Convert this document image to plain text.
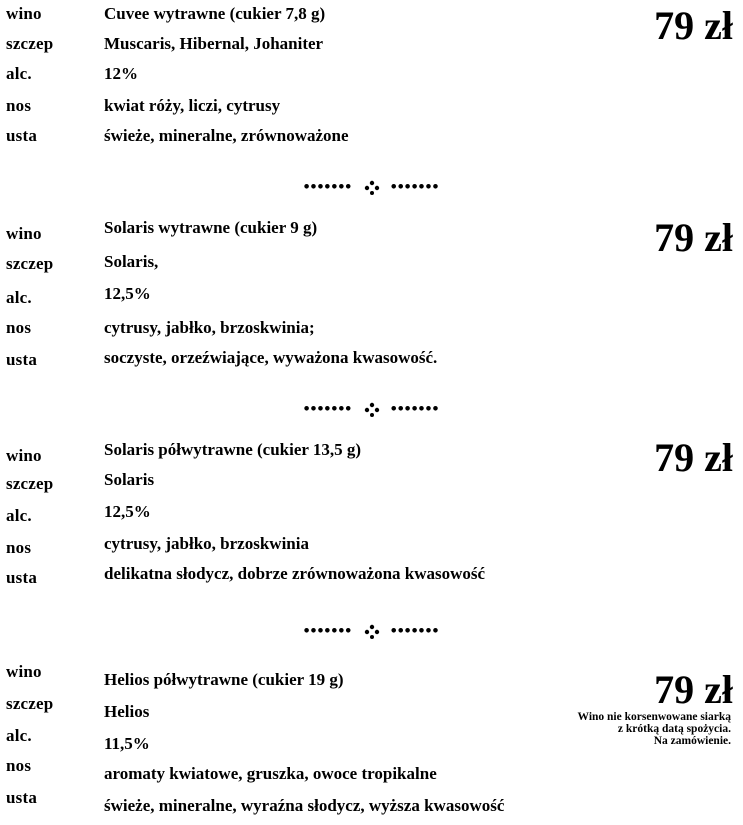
wino	Cuvee wytrawne (cukier 7,8 g)
szczep	Muscaris, Hibernal, Johaniter
alc.	12%
nos	kwiat róży, liczi, cytrusy
usta	świeże, mineralne, zrównoważone
79 zł
••••••• •••••••
wino	Solaris wytrawne (cukier 9 g)
szczep	Solaris,
alc.	12,5%
nos	cytrusy, jabłko, brzoskwinia;
usta	soczyste, orzeźwiające, wyważona kwasowość.
79 zł
••••••• •••••••
wino	Solaris półwytrawne (cukier 13,5 g)
szczep	Solaris
alc.	12,5%
nos	cytrusy, jabłko, brzoskwinia
usta	delikatna słodycz, dobrze zrównoważona kwasowość
79 zł
••••••• •••••••
wino	Helios półwytrawne (cukier 19 g)
szczep	Helios
alc.	11,5%
nos	aromaty kwiatowe, gruszka, owoce tropikalne
usta	świeże, mineralne, wyraźna słodycz, wyższa kwasowość
79 zł
Wino nie korsenwowane siarką
z krótką datą spożycia.
Na zamówienie.
